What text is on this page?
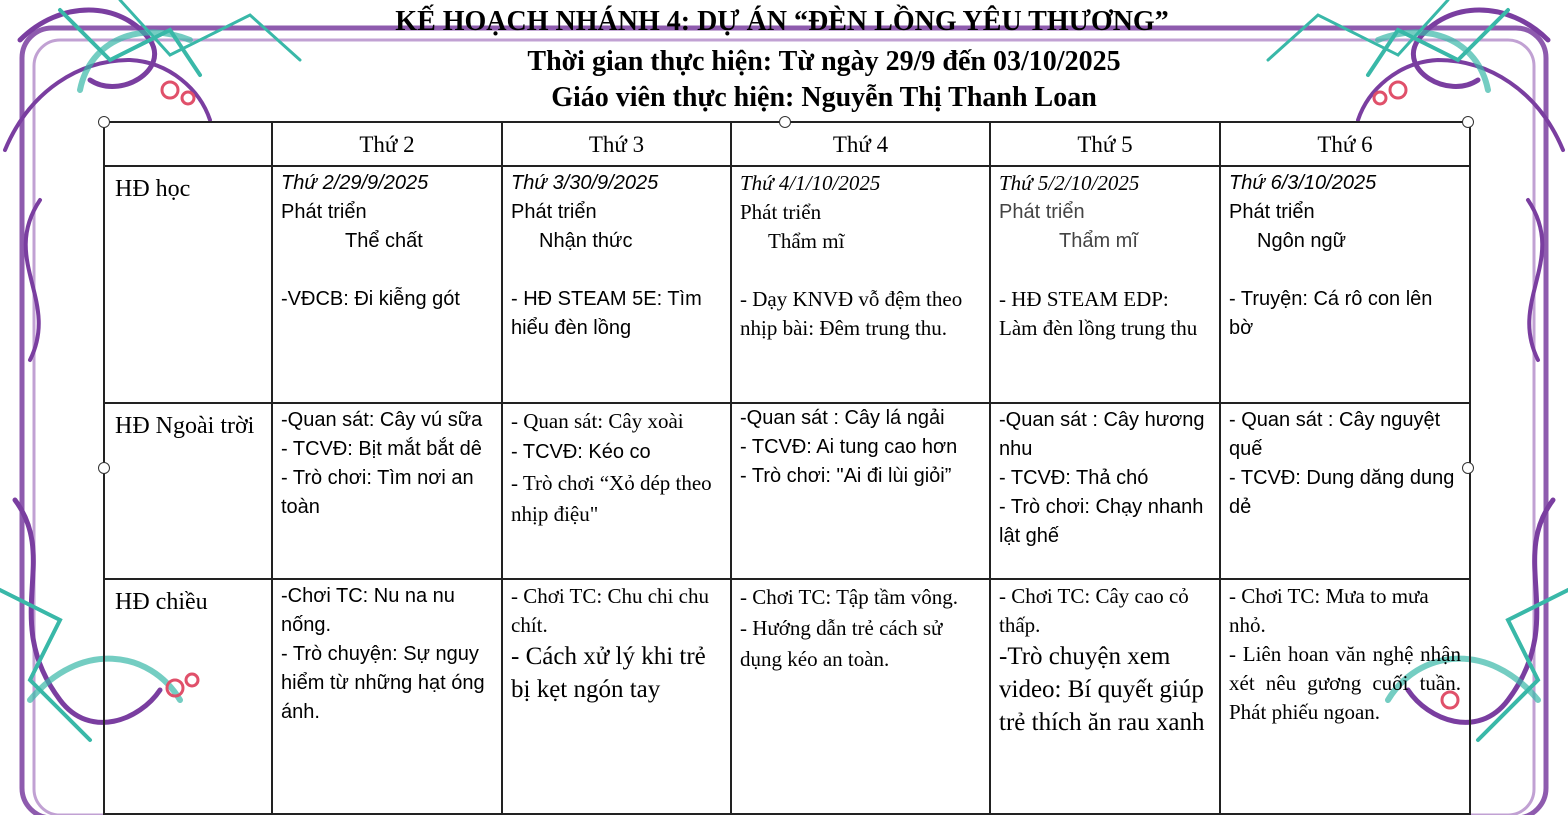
KẾ HOẠCH NHÁNH 4: DỰ ÁN “ĐÈN LỒNG YÊU THƯƠNG”
Thời gian thực hiện: Từ ngày 29/9 đến 03/10/2025
Giáo viên thực hiện: Nguyễn Thị Thanh Loan
	Thứ 2	Thứ 3	Thứ 4	Thứ 5	Thứ 6
HĐ học	Thứ 2/29/9/2025
Phát triển
Thể chất
-VĐCB: Đi kiễng gót	Thứ 3/30/9/2025
Phát triển
Nhận thức
- HĐ STEAM 5E: Tìm hiểu đèn lồng	Thứ 4/1/10/2025
Phát triển
Thẩm mĩ
- Dạy KNVĐ vỗ đệm theo nhịp bài: Đêm trung thu.	Thứ 5/2/10/2025
Phát triển
Thẩm mĩ
- HĐ STEAM EDP: Làm đèn lồng trung thu	Thứ 6/3/10/2025
Phát triển
Ngôn ngữ
- Truyện: Cá rô con lên bờ

HĐ Ngoài trời	-Quan sát: Cây vú sữa
- TCVĐ: Bịt mắt bắt dê
- Trò chơi: Tìm nơi an toàn	- Quan sát: Cây xoài
- TCVĐ: Kéo co
- Trò chơi “Xỏ dép theo nhịp điệu"	-Quan sát : Cây lá ngải
- TCVĐ: Ai tung cao hơn
- Trò chơi: "Ai đi lùi giỏi”	-Quan sát : Cây hương nhu
- TCVĐ: Thả chó
- Trò chơi: Chạy nhanh lật ghế	- Quan sát : Cây nguyệt quế
- TCVĐ: Dung dăng dung dẻ

HĐ chiều	-Chơi TC: Nu na nu nống.
- Trò chuyện: Sự nguy hiểm từ những hạt óng ánh.	- Chơi TC: Chu chi chu chít.
- Cách xử lý khi trẻ bị kẹt ngón tay	- Chơi TC: Tập tầm vông.
- Hướng dẫn trẻ cách sử dụng kéo an toàn.	- Chơi TC: Cây cao cỏ thấp.
-Trò chuyện xem video: Bí quyết giúp trẻ thích ăn rau xanh	- Chơi TC: Mưa to mưa nhỏ.
- Liên hoan văn nghệ nhận xét nêu gương cuối tuần. Phát phiếu ngoan.
